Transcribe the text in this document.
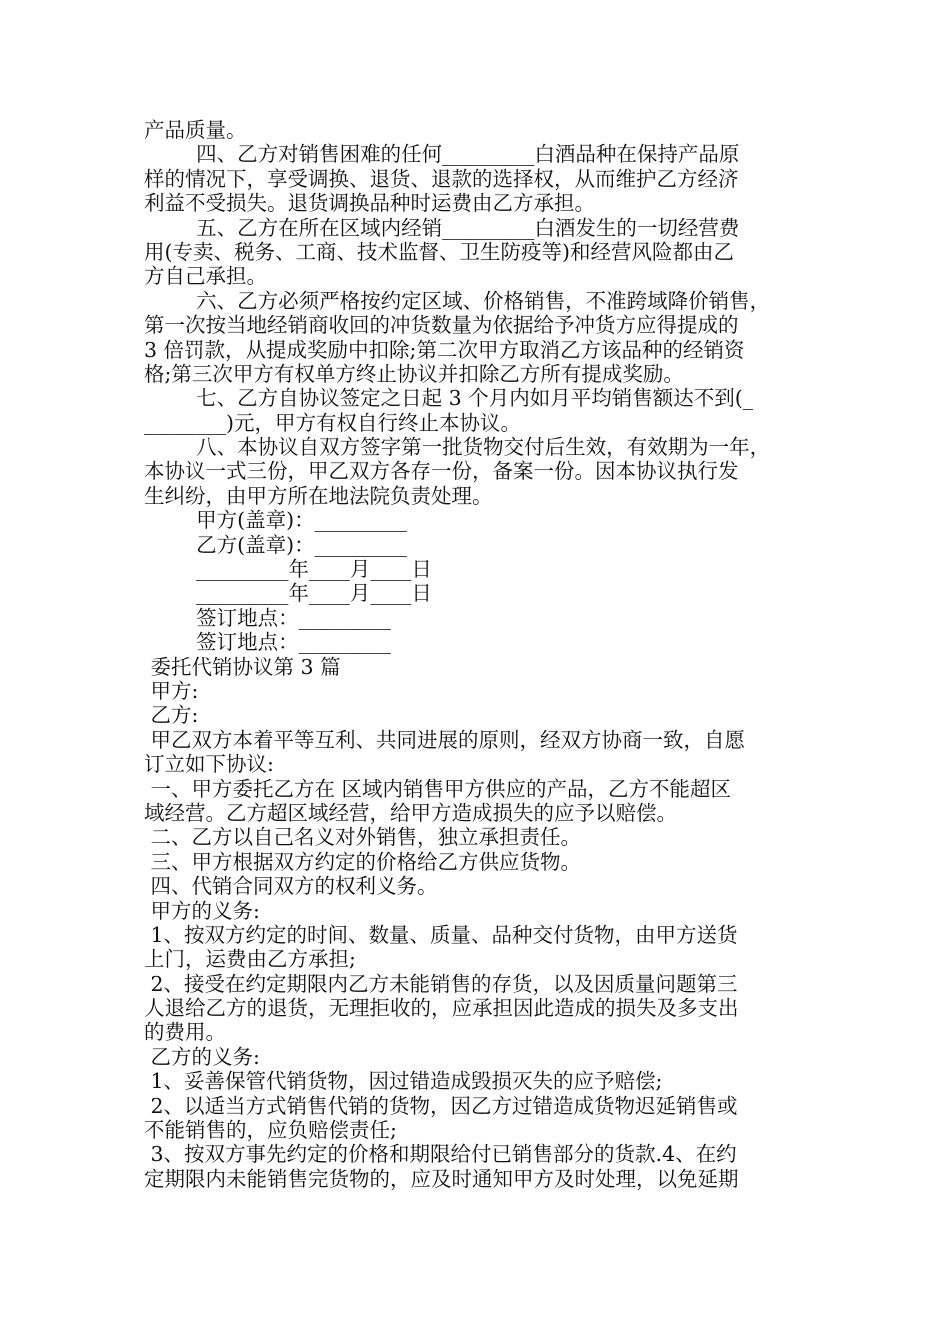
产品质量。
四、乙方对销售困难的任何_________白酒品种在保持产品原
样的情况下，享受调换、退货、退款的选择权，从而维护乙方经济
利益不受损失。退货调换品种时运费由乙方承担。
五、乙方在所在区域内经销_________白酒发生的一切经营费
用(专卖、税务、工商、技术监督、卫生防疫等)和经营风险都由乙
方自己承担。
六、乙方必须严格按约定区域、价格销售，不准跨域降价销售，
第一次按当地经销商收回的冲货数量为依据给予冲货方应得提成的
3 倍罚款，从提成奖励中扣除;第二次甲方取消乙方该品种的经销资
格;第三次甲方有权单方终止协议并扣除乙方所有提成奖励。
七、乙方自协议签定之日起 3 个月内如月平均销售额达不到(_
________)元，甲方有权自行终止本协议。
八、本协议自双方签字第一批货物交付后生效，有效期为一年，
本协议一式三份，甲乙双方各存一份，备案一份。因本协议执行发
生纠纷，由甲方所在地法院负责处理。
甲方(盖章)：_________
乙方(盖章)：_________
_________年____月____日
_________年____月____日
签订地点：_________
签订地点：_________
委托代销协议第 3 篇
甲方:
乙方:
甲乙双方本着平等互利、共同进展的原则，经双方协商一致，自愿
订立如下协议:
一、甲方委托乙方在 区域内销售甲方供应的产品，乙方不能超区
域经营。乙方超区域经营，给甲方造成损失的应予以赔偿。
二、乙方以自己名义对外销售，独立承担责任。
三、甲方根据双方约定的价格给乙方供应货物。
四、代销合同双方的权利义务。
甲方的义务:
1、按双方约定的时间、数量、质量、品种交付货物，由甲方送货
上门，运费由乙方承担;
2、接受在约定期限内乙方未能销售的存货，以及因质量问题第三
人退给乙方的退货，无理拒收的，应承担因此造成的损失及多支出
的费用。
乙方的义务:
1、妥善保管代销货物，因过错造成毁损灭失的应予赔偿;
2、以适当方式销售代销的货物，因乙方过错造成货物迟延销售或
不能销售的，应负赔偿责任;
3、按双方事先约定的价格和期限给付已销售部分的货款.4、在约
定期限内未能销售完货物的，应及时通知甲方及时处理，以免延期
